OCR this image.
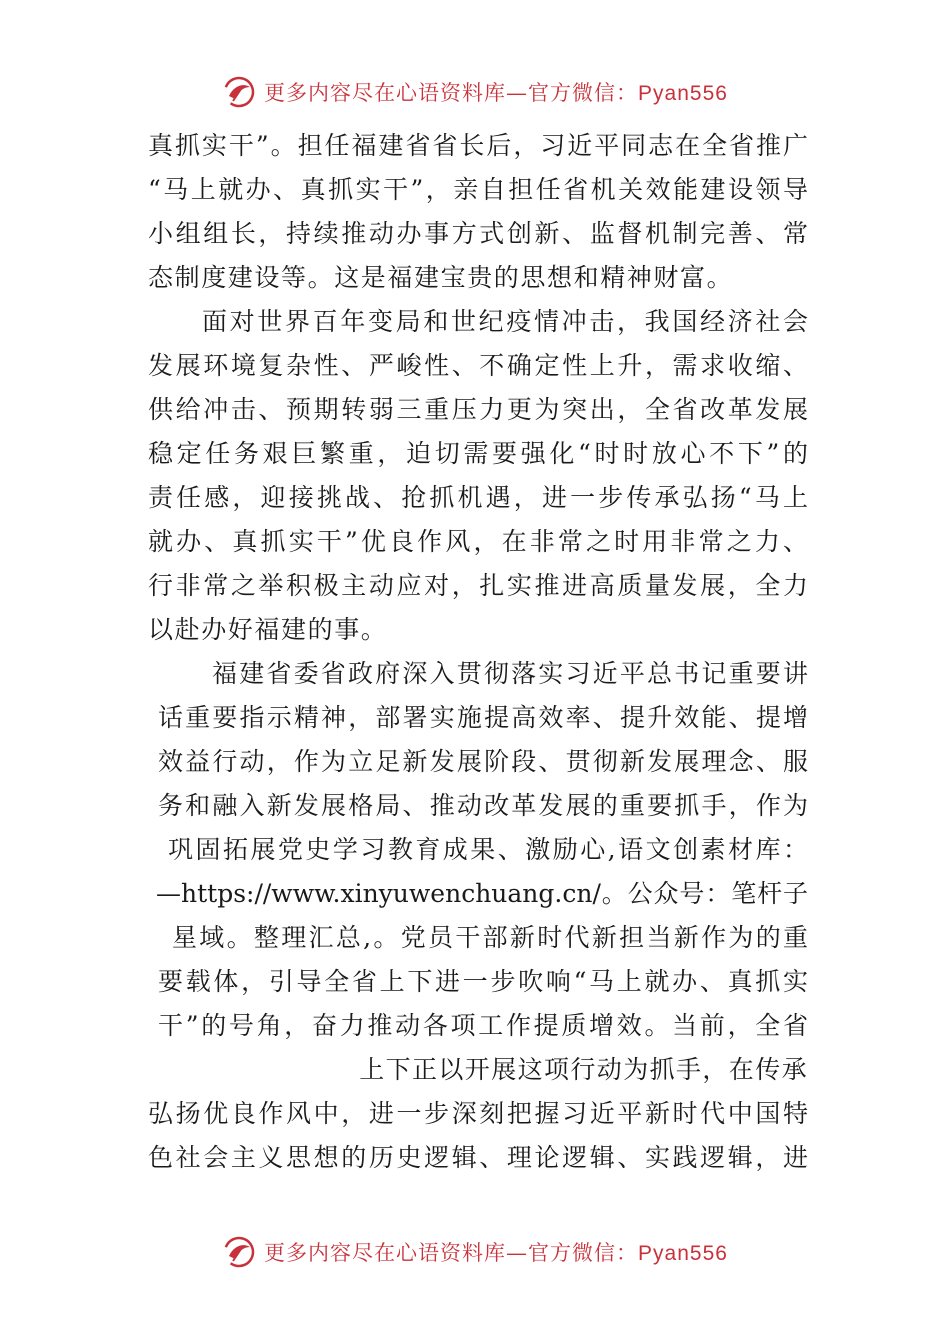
更多内容尽在心语资料库—官方微信：Pyan556
真抓实干”。担任福建省省长后，习近平同志在全省推广
“马上就办、真抓实干”，亲自担任省机关效能建设领导
小组组长，持续推动办事方式创新、监督机制完善、常
态制度建设等。这是福建宝贵的思想和精神财富。
面对世界百年变局和世纪疫情冲击，我国经济社会
发展环境复杂性、严峻性、不确定性上升，需求收缩、
供给冲击、预期转弱三重压力更为突出，全省改革发展
稳定任务艰巨繁重，迫切需要强化“时时放心不下”的
责任感，迎接挑战、抢抓机遇，进一步传承弘扬“马上
就办、真抓实干”优良作风，在非常之时用非常之力、
行非常之举积极主动应对，扎实推进高质量发展，全力
以赴办好福建的事。
福建省委省政府深入贯彻落实习近平总书记重要讲
话重要指示精神，部署实施提高效率、提升效能、提增
效益行动，作为立足新发展阶段、贯彻新发展理念、服
务和融入新发展格局、推动改革发展的重要抓手，作为
巩固拓展党史学习教育成果、激励心,语文创素材库：
—https://www.xinyuwenchuang.cn/。公众号：笔杆子
星域。整理汇总,。党员干部新时代新担当新作为的重
要载体，引导全省上下进一步吹响“马上就办、真抓实
干”的号角，奋力推动各项工作提质增效。当前，全省
上下正以开展这项行动为抓手，在传承
弘扬优良作风中，进一步深刻把握习近平新时代中国特
色社会主义思想的历史逻辑、理论逻辑、实践逻辑，进
更多内容尽在心语资料库—官方微信：Pyan556
